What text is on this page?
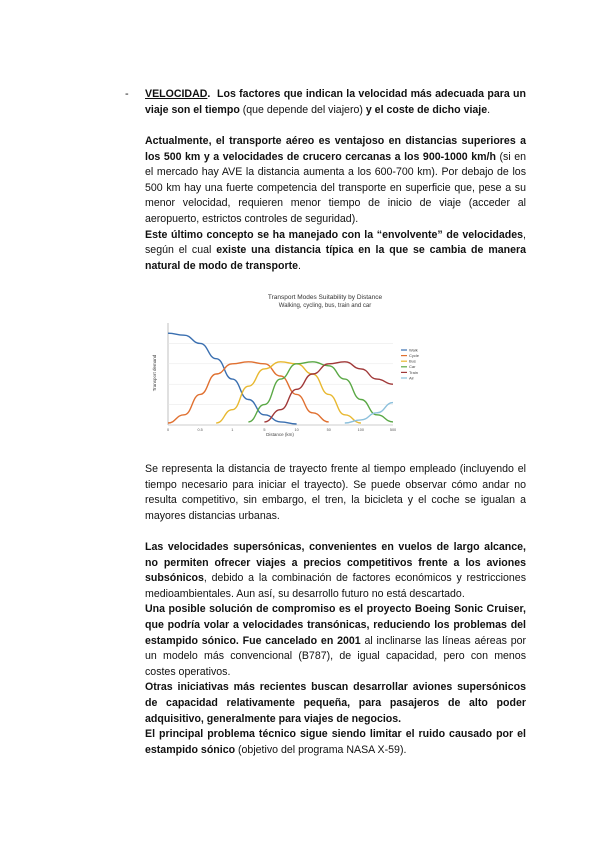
- VELOCIDAD.  Los factores que indican la velocidad más adecuada para un viaje son el tiempo (que depende del viajero) y el coste de dicho viaje.
Actualmente, el transporte aéreo es ventajoso en distancias superiores a los 500 km y a velocidades de crucero cercanas a los 900-1000 km/h (si en el mercado hay AVE la distancia aumenta a los 600-700 km). Por debajo de los 500 km hay una fuerte competencia del transporte en superficie que, pese a su menor velocidad, requieren menor tiempo de inicio de viaje (acceder al aeropuerto, estrictos controles de seguridad).
Este último concepto se ha manejado con la “envolvente” de velocidades, según el cual existe una distancia típica en la que se cambia de manera natural de modo de transporte.
Transport Modes Suitability by Distance
Walking, cycling, bus, train and car
Transport demand
Distance (km)
0	0.5	1	5	10	50	100	500
Walk
Cycle
Bus
Car
Train
Air
Se representa la distancia de trayecto frente al tiempo empleado (incluyendo el tiempo necesario para iniciar el trayecto). Se puede observar cómo andar no resulta competitivo, sin embargo, el tren, la bicicleta y el coche se igualan a mayores distancias urbanas.
Las velocidades supersónicas, convenientes en vuelos de largo alcance, no permiten ofrecer viajes a precios competitivos frente a los aviones subsónicos, debido a la combinación de factores económicos y restricciones medioambientales. Aun así, su desarrollo futuro no está descartado.
Una posible solución de compromiso es el proyecto Boeing Sonic Cruiser, que podría volar a velocidades transónicas, reduciendo los problemas del estampido sónico. Fue cancelado en 2001 al inclinarse las líneas aéreas por un modelo más convencional (B787), de igual capacidad, pero con menos costes operativos.
Otras iniciativas más recientes buscan desarrollar aviones supersónicos de capacidad relativamente pequeña, para pasajeros de alto poder adquisitivo, generalmente para viajes de negocios.
El principal problema técnico sigue siendo limitar el ruido causado por el estampido sónico (objetivo del programa NASA X-59).
